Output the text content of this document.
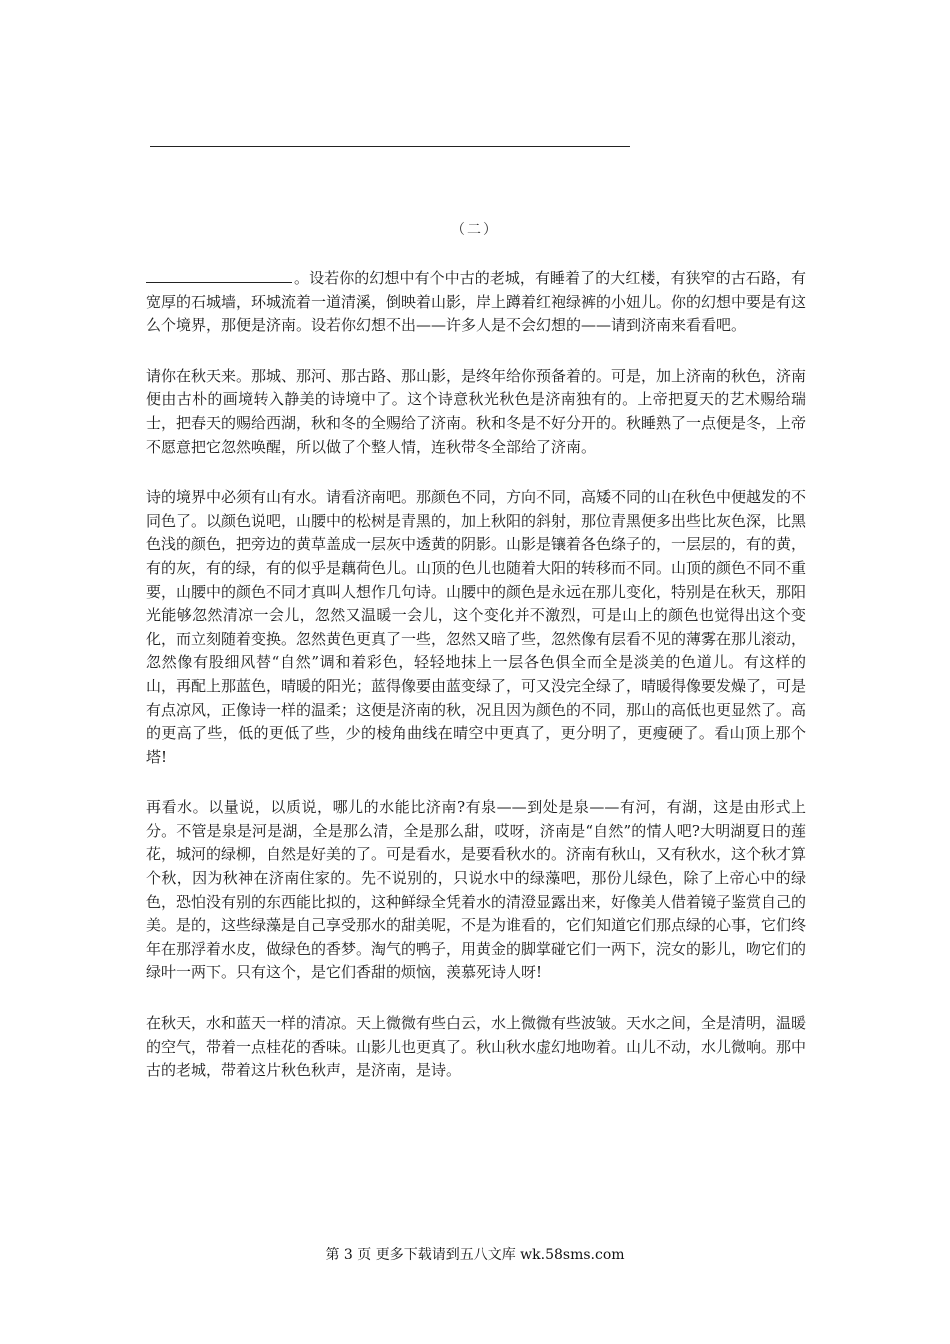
（二）

。设若你的幻想中有个中古的老城，有睡着了的大红楼，有狭窄的古石路，有宽厚的石城墙，环城流着一道清溪，倒映着山影，岸上蹲着红袍绿裤的小妞儿。你的幻想中要是有这么个境界，那便是济南。设若你幻想不出——许多人是不会幻想的——请到济南来看看吧。

请你在秋天来。那城、那河、那古路、那山影，是终年给你预备着的。可是，加上济南的秋色，济南便由古朴的画境转入静美的诗境中了。这个诗意秋光秋色是济南独有的。上帝把夏天的艺术赐给瑞士，把春天的赐给西湖，秋和冬的全赐给了济南。秋和冬是不好分开的。秋睡熟了一点便是冬，上帝不愿意把它忽然唤醒，所以做了个整人情，连秋带冬全部给了济南。

诗的境界中必须有山有水。请看济南吧。那颜色不同，方向不同，高矮不同的山在秋色中便越发的不同色了。以颜色说吧，山腰中的松树是青黑的，加上秋阳的斜射，那位青黑便多出些比灰色深，比黑色浅的颜色，把旁边的黄草盖成一层灰中透黄的阴影。山影是镶着各色绦子的，一层层的，有的黄，有的灰，有的绿，有的似乎是藕荷色儿。山顶的色儿也随着大阳的转移而不同。山顶的颜色不同不重要，山腰中的颜色不同才真叫人想作几句诗。山腰中的颜色是永远在那儿变化，特别是在秋天，那阳光能够忽然清凉一会儿，忽然又温暖一会儿，这个变化并不激烈，可是山上的颜色也觉得出这个变化，而立刻随着变换。忽然黄色更真了一些，忽然又暗了些，忽然像有层看不见的薄雾在那儿滚动，忽然像有股细风替“自然”调和着彩色，轻轻地抹上一层各色俱全而全是淡美的色道儿。有这样的山，再配上那蓝色，晴暖的阳光；蓝得像要由蓝变绿了，可又没完全绿了，晴暖得像要发燥了，可是有点凉风，正像诗一样的温柔；这便是济南的秋，况且因为颜色的不同，那山的高低也更显然了。高的更高了些，低的更低了些，少的棱角曲线在晴空中更真了，更分明了，更瘦硬了。看山顶上那个塔!

再看水。以量说，以质说，哪儿的水能比济南?有泉——到处是泉——有河，有湖，这是由形式上分。不管是泉是河是湖，全是那么清，全是那么甜，哎呀，济南是“自然”的情人吧?大明湖夏日的莲花，城河的绿柳，自然是好美的了。可是看水，是要看秋水的。济南有秋山，又有秋水，这个秋才算个秋，因为秋神在济南住家的。先不说别的，只说水中的绿藻吧，那份儿绿色，除了上帝心中的绿色，恐怕没有别的东西能比拟的，这种鲜绿全凭着水的清澄显露出来，好像美人借着镜子鉴赏自己的美。是的，这些绿藻是自己享受那水的甜美呢，不是为谁看的，它们知道它们那点绿的心事，它们终年在那浮着水皮，做绿色的香梦。淘气的鸭子，用黄金的脚掌碰它们一两下，浣女的影儿，吻它们的绿叶一两下。只有这个，是它们香甜的烦恼，羡慕死诗人呀!

在秋天，水和蓝天一样的清凉。天上微微有些白云，水上微微有些波皱。天水之间，全是清明，温暖的空气，带着一点桂花的香味。山影儿也更真了。秋山秋水虚幻地吻着。山儿不动，水儿微响。那中古的老城，带着这片秋色秋声，是济南，是诗。

第 3 页 更多下载请到五八文库 wk.58sms.com
